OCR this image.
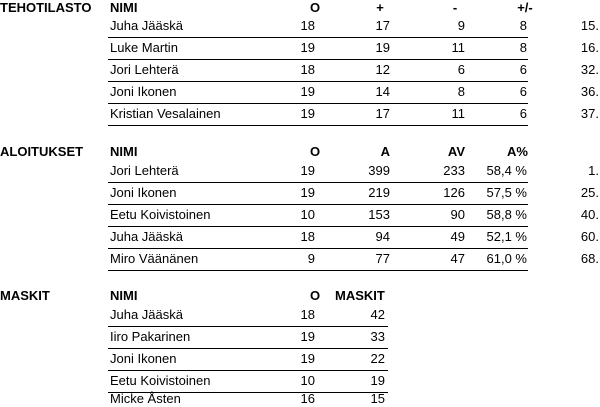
TEHOTILASTO NIMI	O	+	-	+/-
Juha Jääskä	18	17	9	8	15.
Luke Martin	19	19	11	8	16.
Jori Lehterä	18	12	6	6	32.
Joni Ikonen	19	14	8	6	36.
Kristian Vesalainen	19	17	11	6	37.
ALOITUKSET NIMI	O	A	AV	A%
Jori Lehterä	19	399	233	58,4 %	1.
Joni Ikonen	19	219	126	57,5 %	25.
Eetu Koivistoinen	10	153	90	58,8 %	40.
Juha Jääskä	18	94	49	52,1 %	60.
Miro Väänänen	9	77	47	61,0 %	68.
MASKIT	NIMI	O	MASKIT
Juha Jääskä	18	42
Iiro Pakarinen	19	33
Joni Ikonen	19	22
Eetu Koivistoinen	10	19
Micke Åsten	16	15
